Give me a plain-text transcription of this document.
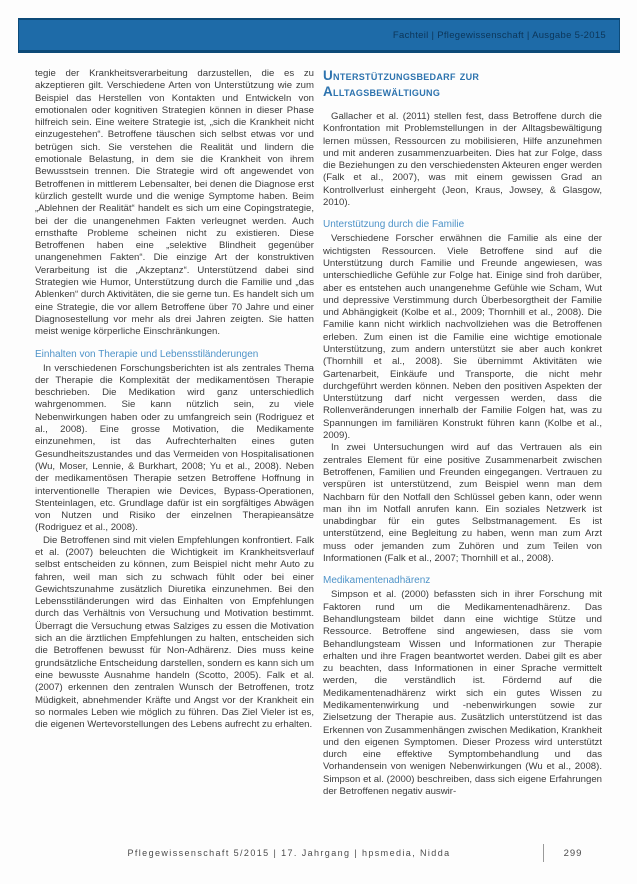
Fachteil | Pflegewissenschaft | Ausgabe 5-2015

tegie der Krankheitsverarbeitung darzustellen, die es zu akzeptieren gilt. Verschiedene Arten von Unterstützung wie zum Beispiel das Herstellen von Kontakten und Entwickeln von emotionalen oder kognitiven Strategien können in dieser Phase hilfreich sein. Eine weitere Strategie ist, „sich die Krankheit nicht einzugestehen“. Betroffene täuschen sich selbst etwas vor und betrügen sich. Sie verstehen die Realität und lindern die emotionale Belastung, in dem sie die Krankheit von ihrem Bewusstsein trennen. Die Strategie wird oft angewendet von Betroffenen in mittlerem Lebensalter, bei denen die Diagnose erst kürzlich gestellt wurde und die wenige Symptome haben. Beim „Ablehnen der Realität“ handelt es sich um eine Copingstrategie, bei der die unangenehmen Fakten verleugnet werden. Auch ernsthafte Probleme scheinen nicht zu existieren. Diese Betroffenen haben eine „selektive Blindheit gegenüber unangenehmen Fakten“. Die einzige Art der konstruktiven Verarbeitung ist die „Akzeptanz“. Unterstützend dabei sind Strategien wie Humor, Unterstützung durch die Familie und „das Ablenken“ durch Aktivitäten, die sie gerne tun. Es handelt sich um eine Strategie, die vor allem Betroffene über 70 Jahre und einer Diagnosestellung vor mehr als drei Jahren zeigten. Sie hatten meist wenige körperliche Einschränkungen.

Einhalten von Therapie und Lebensstiländerungen

In verschiedenen Forschungsberichten ist als zentrales Thema der Therapie die Komplexität der medikamentösen Therapie beschrieben. Die Medikation wird ganz unterschiedlich wahrgenommen. Sie kann nützlich sein, zu viele Nebenwirkungen haben oder zu umfangreich sein (Rodriguez et al., 2008). Eine grosse Motivation, die Medikamente einzunehmen, ist das Aufrechterhalten eines guten Gesundheitszustandes und das Vermeiden von Hospitalisationen (Wu, Moser, Lennie, & Burkhart, 2008; Yu et al., 2008). Neben der medikamentösen Therapie setzen Betroffene Hoffnung in interventionelle Therapien wie Devices, Bypass-Operationen, Stenteinlagen, etc. Grundlage dafür ist ein sorgfältiges Abwägen von Nutzen und Risiko der einzelnen Therapieansätze (Rodriguez et al., 2008).

Die Betroffenen sind mit vielen Empfehlungen konfrontiert. Falk et al. (2007) beleuchten die Wichtigkeit im Krankheitsverlauf selbst entscheiden zu können, zum Beispiel nicht mehr Auto zu fahren, weil man sich zu schwach fühlt oder bei einer Gewichtszunahme zusätzlich Diuretika einzunehmen. Bei den Lebensstiländerungen wird das Einhalten von Empfehlungen durch das Verhältnis von Versuchung und Motivation bestimmt. Überragt die Versuchung etwas Salziges zu essen die Motivation sich an die ärztlichen Empfehlungen zu halten, entscheiden sich die Betroffenen bewusst für Non-Adhärenz. Dies muss keine grundsätzliche Entscheidung darstellen, sondern es kann sich um eine bewusste Ausnahme handeln (Scotto, 2005). Falk et al. (2007) erkennen den zentralen Wunsch der Betroffenen, trotz Müdigkeit, abnehmender Kräfte und Angst vor der Krankheit ein so normales Leben wie möglich zu führen. Das Ziel Vieler ist es, die eigenen Wertevorstellungen des Lebens aufrecht zu erhalten.

Unterstützungsbedarf zur Alltagsbewältigung

Gallacher et al. (2011) stellen fest, dass Betroffene durch die Konfrontation mit Problemstellungen in der Alltagsbewältigung lernen müssen, Ressourcen zu mobilisieren, Hilfe anzunehmen und mit anderen zusammenzuarbeiten. Dies hat zur Folge, dass die Beziehungen zu den verschiedensten Akteuren enger werden (Falk et al., 2007), was mit einem gewissen Grad an Kontrollverlust einhergeht (Jeon, Kraus, Jowsey, & Glasgow, 2010).

Unterstützung durch die Familie

Verschiedene Forscher erwähnen die Familie als eine der wichtigsten Ressourcen. Viele Betroffene sind auf die Unterstützung durch Familie und Freunde angewiesen, was unterschiedliche Gefühle zur Folge hat. Einige sind froh darüber, aber es entstehen auch unangenehme Gefühle wie Scham, Wut und depressive Verstimmung durch Überbesorgtheit der Familie und Abhängigkeit (Kolbe et al., 2009; Thornhill et al., 2008). Die Familie kann nicht wirklich nachvollziehen was die Betroffenen erleben. Zum einen ist die Familie eine wichtige emotionale Unterstützung, zum andern unterstützt sie aber auch konkret (Thornhill et al., 2008). Sie übernimmt Aktivitäten wie Gartenarbeit, Einkäufe und Transporte, die nicht mehr durchgeführt werden können. Neben den positiven Aspekten der Unterstützung darf nicht vergessen werden, dass die Rollenveränderungen innerhalb der Familie Folgen hat, was zu Spannungen im familiären Konstrukt führen kann (Kolbe et al., 2009).

In zwei Untersuchungen wird auf das Vertrauen als ein zentrales Element für eine positive Zusammenarbeit zwischen Betroffenen, Familien und Freunden eingegangen. Vertrauen zu verspüren ist unterstützend, zum Beispiel wenn man dem Nachbarn für den Notfall den Schlüssel geben kann, oder wenn man ihn im Notfall anrufen kann. Ein soziales Netzwerk ist unabdingbar für ein gutes Selbstmanagement. Es ist unterstützend, eine Begleitung zu haben, wenn man zum Arzt muss oder jemanden zum Zuhören und zum Teilen von Informationen (Falk et al., 2007; Thornhill et al., 2008).

Medikamentenadhärenz

Simpson et al. (2000) befassten sich in ihrer Forschung mit Faktoren rund um die Medikamentenadhärenz. Das Behandlungsteam bildet dann eine wichtige Stütze und Ressource. Betroffene sind angewiesen, dass sie vom Behandlungsteam Wissen und Informationen zur Therapie erhalten und ihre Fragen beantwortet werden. Dabei gilt es aber zu beachten, dass Informationen in einer Sprache vermittelt werden, die verständlich ist. Fördernd auf die Medikamentenadhärenz wirkt sich ein gutes Wissen zu Medikamentenwirkung und -nebenwirkungen sowie zur Zielsetzung der Therapie aus. Zusätzlich unterstützend ist das Erkennen von Zusammenhängen zwischen Medikation, Krankheit und den eigenen Symptomen. Dieser Prozess wird unterstützt durch eine effektive Symptombehandlung und das Vorhandensein von wenigen Nebenwirkungen (Wu et al., 2008). Simpson et al. (2000) beschreiben, dass sich eigene Erfahrungen der Betroffenen negativ auswir-

Pflegewissenschaft 5/2015 | 17. Jahrgang | hpsmedia, Nidda	299
